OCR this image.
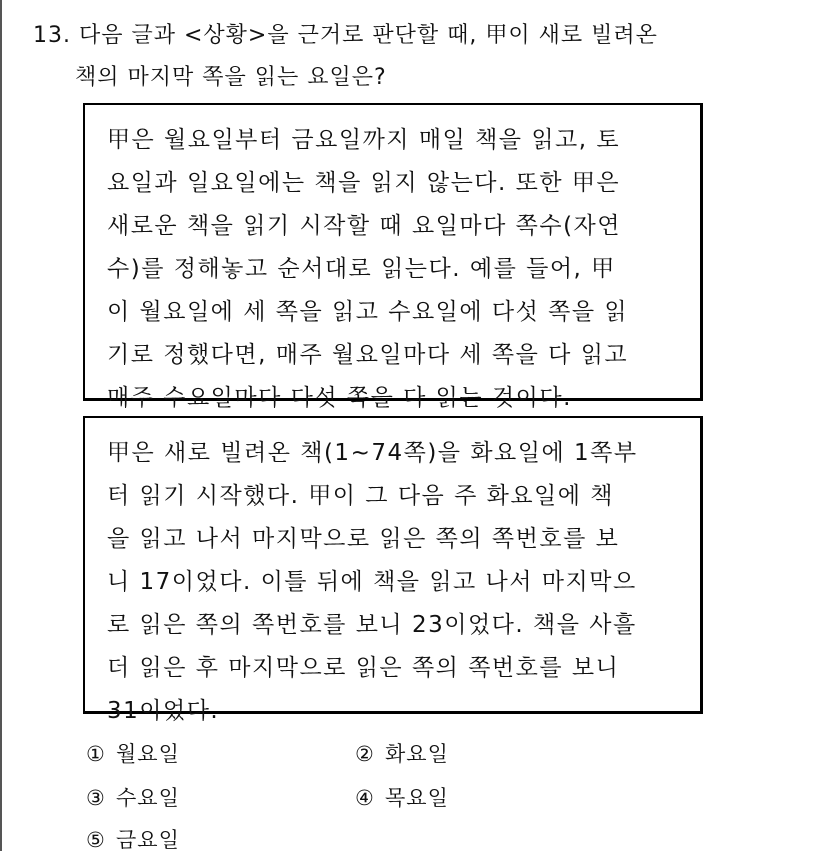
13. 다음 글과 <상황>을 근거로 판단할 때, 甲이 새로 빌려온
책의 마지막 쪽을 읽는 요일은?
甲은 월요일부터 금요일까지 매일 책을 읽고, 토
요일과 일요일에는 책을 읽지 않는다. 또한 甲은
새로운 책을 읽기 시작할 때 요일마다 쪽수(자연
수)를 정해놓고 순서대로 읽는다. 예를 들어, 甲
이 월요일에 세 쪽을 읽고 수요일에 다섯 쪽을 읽
기로 정했다면, 매주 월요일마다 세 쪽을 다 읽고
매주 수요일마다 다섯 쪽을 다 읽는 것이다.
甲은 새로 빌려온 책(1~74쪽)을 화요일에 1쪽부
터 읽기 시작했다. 甲이 그 다음 주 화요일에 책
을 읽고 나서 마지막으로 읽은 쪽의 쪽번호를 보
니 17이었다. 이틀 뒤에 책을 읽고 나서 마지막으
로 읽은 쪽의 쪽번호를 보니 23이었다. 책을 사흘
더 읽은 후 마지막으로 읽은 쪽의 쪽번호를 보니
31이었다.
① 월요일	② 화요일
③ 수요일	④ 목요일
⑤ 금요일
